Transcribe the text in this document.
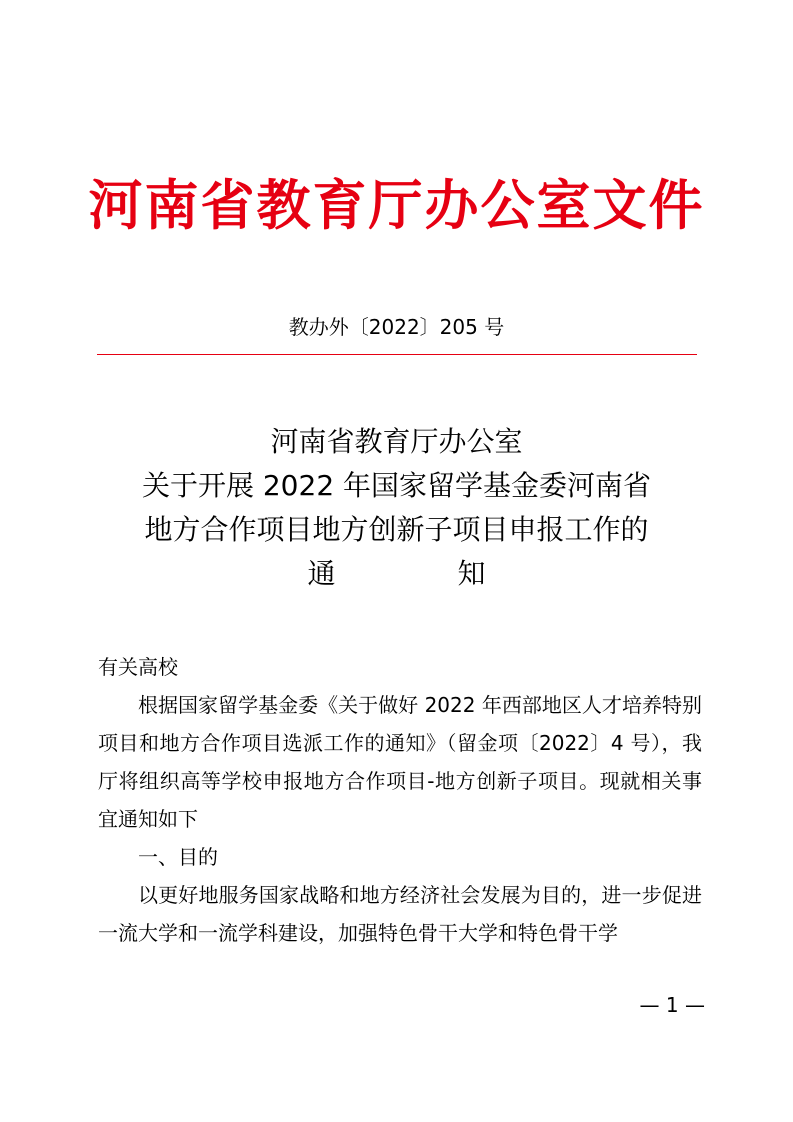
河南省教育厅办公室文件
教办外〔2022〕205 号
河南省教育厅办公室
关于开展 2022 年国家留学基金委河南省
地方合作项目地方创新子项目申报工作的
通	知

有关高校

根据国家留学基金委《关于做好 2022 年西部地区人才培养特别项目和地方合作项目选派工作的通知》（留金项〔2022〕4 号），我厅将组织高等学校申报地方合作项目-地方创新子项目。现就相关事宜通知如下

一、目的

以更好地服务国家战略和地方经济社会发展为目的，进一步促进一流大学和一流学科建设，加强特色骨干大学和特色骨干学

— 1 —
